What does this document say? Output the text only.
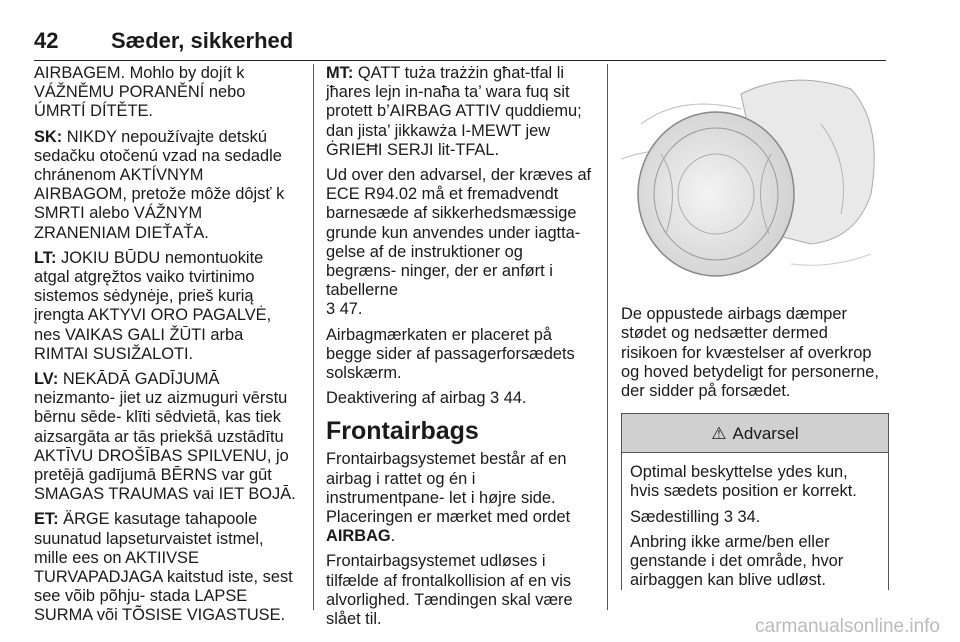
42 Sæder, sikkerhed

AIRBAGEM. Mohlo by dojít k VÁŽNĚMU PORANĚNÍ nebo ÚMRTÍ DÍTĚTE.

SK: NIKDY nepoužívajte detskú sedačku otočenú vzad na sedadle chránenom AKTÍVNYM AIRBAGOM, pretože môže dôjsť k SMRTI alebo VÁŽNYM ZRANENIAM DIEŤAŤA.

LT: JOKIU BŪDU nemontuokite atgal atgręžtos vaiko tvirtinimo sistemos sėdynėje, prieš kurią įrengta AKTYVI ORO PAGALVĖ, nes VAIKAS GALI ŽŪTI arba RIMTAI SUSIŽALOTI.

LV: NEKĀDĀ GADĪJUMĀ neizmanto- jiet uz aizmuguri vērstu bērnu sēde- klīti sēdvietā, kas tiek aizsargāta ar tās priekšā uzstādītu AKTĪVU DROŠĪBAS SPILVENU, jo pretējā gadījumā BĒRNS var gūt SMAGAS TRAUMAS vai IET BOJĀ.

ET: ÄRGE kasutage tahapoole suunatud lapseturvaistet istmel, mille ees on AKTIIVSE TURVAPADJAGA kaitstud iste, sest see võib põhju- stada LAPSE SURMA või TÕSISE VIGASTUSE.

MT: QATT tuża trażżin għat-tfal li jħares lejn in-naħa ta’ wara fuq sit protett b’AIRBAG ATTIV quddiemu; dan jista’ jikkawża I-MEWT jew ĠRIEĦI SERJI lit-TFAL.

Ud over den advarsel, der kræves af ECE R94.02 må et fremadvendt barnesæde af sikkerhedsmæssige grunde kun anvendes under iagtta- gelse af de instruktioner og begræns- ninger, der er anført i tabellerne
3 47.

Airbagmærkaten er placeret på begge sider af passagerforsædets solskærm.

Deaktivering af airbag 3 44.

Frontairbags

Frontairbagsystemet består af en airbag i rattet og én i instrumentpane- let i højre side. Placeringen er mærket med ordet AIRBAG.

Frontairbagsystemet udløses i tilfælde af frontalkollision af en vis alvorlighed. Tændingen skal være slået til.

De oppustede airbags dæmper stødet og nedsætter dermed risikoen for kvæstelser af overkrop og hoved betydeligt for personerne, der sidder på forsædet.

⚠ Advarsel

Optimal beskyttelse ydes kun, hvis sædets position er korrekt.

Sædestilling 3 34.

Anbring ikke arme/ben eller genstande i det område, hvor airbaggen kan blive udløst.

carmanualsonline.info
